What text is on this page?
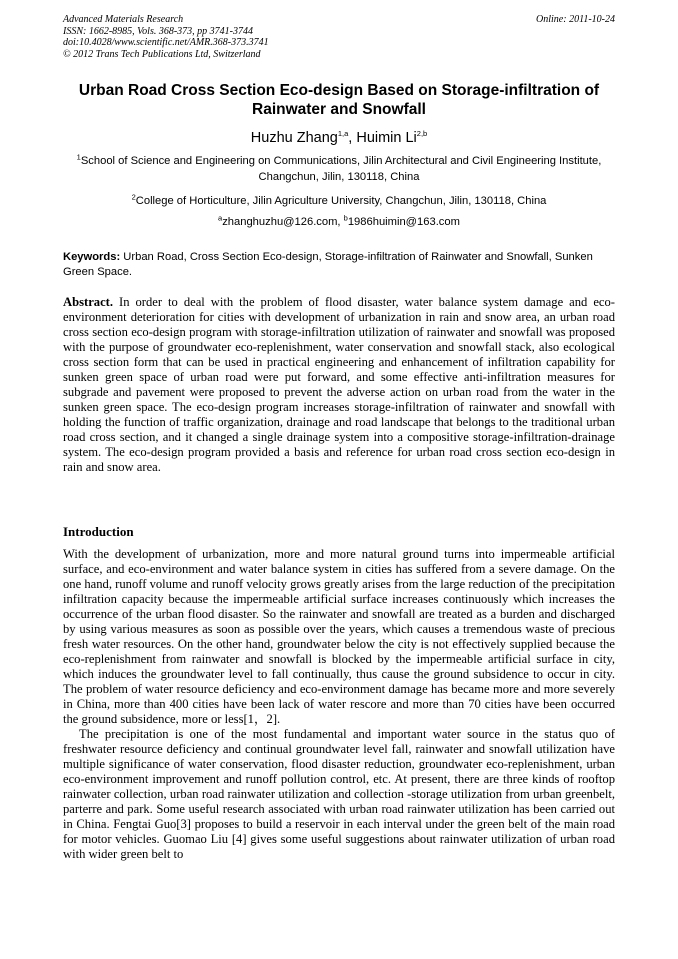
Advanced Materials Research
ISSN: 1662-8985, Vols. 368-373, pp 3741-3744
doi:10.4028/www.scientific.net/AMR.368-373.3741
© 2012 Trans Tech Publications Ltd, Switzerland
Online: 2011-10-24
Urban Road Cross Section Eco-design Based on Storage-infiltration of Rainwater and Snowfall
Huzhu Zhang$^{1,a}$, Huimin Li$^{2,b}$
$^1$School of Science and Engineering on Communications, Jilin Architectural and Civil Engineering Institute, Changchun, Jilin, 130118, China
$^2$College of Horticulture, Jilin Agriculture University, Changchun, Jilin, 130118, China
$^a$zhanghuzhu@126.com, $^b$1986huimin@163.com
Keywords: Urban Road, Cross Section Eco-design, Storage-infiltration of Rainwater and Snowfall, Sunken Green Space.
Abstract. In order to deal with the problem of flood disaster, water balance system damage and eco-environment deterioration for cities with development of urbanization in rain and snow area, an urban road cross section eco-design program with storage-infiltration utilization of rainwater and snowfall was proposed with the purpose of groundwater eco-replenishment, water conservation and snowfall stack, also ecological cross section form that can be used in practical engineering and enhancement of infiltration capability for sunken green space of urban road were put forward, and some effective anti-infiltration measures for subgrade and pavement were proposed to prevent the adverse action on urban road from the water in the sunken green space. The eco-design program increases storage-infiltration of rainwater and snowfall with holding the function of traffic organization, drainage and road landscape that belongs to the traditional urban road cross section, and it changed a single drainage system into a compositive storage-infiltration-drainage system. The eco-design program provided a basis and reference for urban road cross section eco-design in rain and snow area.
Introduction

With the development of urbanization, more and more natural ground turns into impermeable artificial surface, and eco-environment and water balance system in cities has suffered from a severe damage. On the one hand, runoff volume and runoff velocity grows greatly arises from the large reduction of the precipitation infiltration capacity because the impermeable artificial surface increases continuously which increases the occurrence of the urban flood disaster. So the rainwater and snowfall are treated as a burden and discharged by using various measures as soon as possible over the years, which causes a tremendous waste of precious fresh water resources. On the other hand, groundwater below the city is not effectively supplied because the eco-replenishment from rainwater and snowfall is blocked by the impermeable artificial surface in city, which induces the groundwater level to fall continually, thus cause the ground subsidence to occur in city. The problem of water resource deficiency and eco-environment damage has became more and more severely in China, more than 400 cities have been lack of water rescore and more than 70 cities have been occurred the ground subsidence, more or less[1，2].

The precipitation is one of the most fundamental and important water source in the status quo of freshwater resource deficiency and continual groundwater level fall, rainwater and snowfall utilization have multiple significance of water conservation, flood disaster reduction, groundwater eco-replenishment, urban eco-environment improvement and runoff pollution control, etc. At present, there are three kinds of rooftop rainwater collection, urban road rainwater utilization and collection -storage utilization from urban greenbelt, parterre and park. Some useful research associated with urban road rainwater utilization has been carried out in China. Fengtai Guo[3] proposes to build a reservoir in each interval under the green belt of the main road for motor vehicles. Guomao Liu [4] gives some useful suggestions about rainwater utilization of urban road with wider green belt to
